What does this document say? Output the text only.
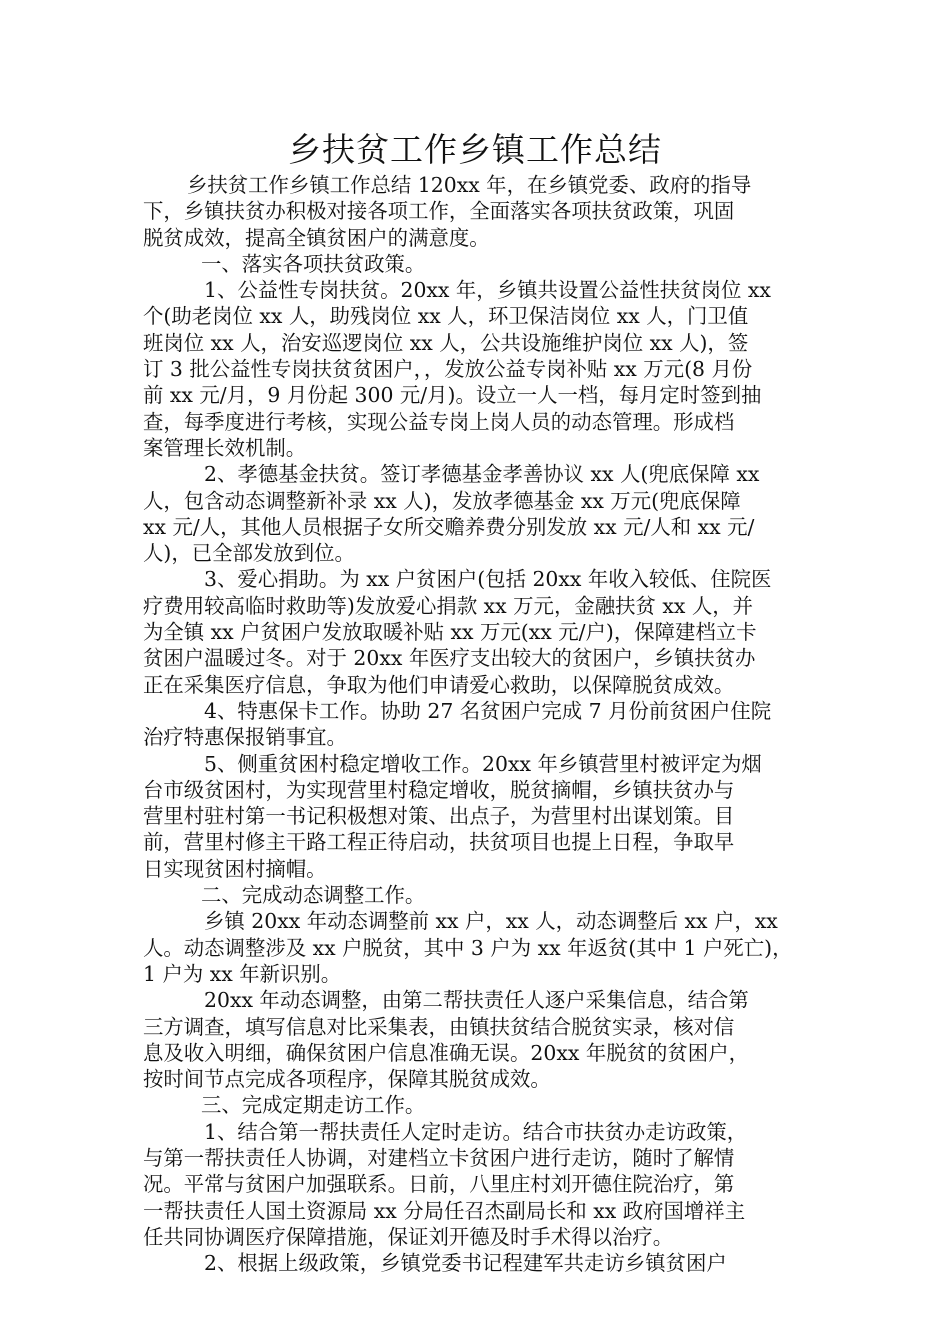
乡扶贫工作乡镇工作总结
乡扶贫工作乡镇工作总结 120xx 年，在乡镇党委、政府的指导
下，乡镇扶贫办积极对接各项工作，全面落实各项扶贫政策，巩固
脱贫成效，提高全镇贫困户的满意度。
一、落实各项扶贫政策。
1、公益性专岗扶贫。20xx 年，乡镇共设置公益性扶贫岗位 xx
个(助老岗位 xx 人，助残岗位 xx 人，环卫保洁岗位 xx 人，门卫值
班岗位 xx 人，治安巡逻岗位 xx 人，公共设施维护岗位 xx 人)，签
订 3 批公益性专岗扶贫贫困户，，发放公益专岗补贴 xx 万元(8 月份
前 xx 元/月，9 月份起 300 元/月)。设立一人一档，每月定时签到抽
查，每季度进行考核，实现公益专岗上岗人员的动态管理。形成档
案管理长效机制。
2、孝德基金扶贫。签订孝德基金孝善协议 xx 人(兜底保障 xx
人，包含动态调整新补录 xx 人)，发放孝德基金 xx 万元(兜底保障
xx 元/人，其他人员根据子女所交赡养费分别发放 xx 元/人和 xx 元/
人)，已全部发放到位。
3、爱心捐助。为 xx 户贫困户(包括 20xx 年收入较低、住院医
疗费用较高临时救助等)发放爱心捐款 xx 万元，金融扶贫 xx 人，并
为全镇 xx 户贫困户发放取暖补贴 xx 万元(xx 元/户)，保障建档立卡
贫困户温暖过冬。对于 20xx 年医疗支出较大的贫困户，乡镇扶贫办
正在采集医疗信息，争取为他们申请爱心救助，以保障脱贫成效。
4、特惠保卡工作。协助 27 名贫困户完成 7 月份前贫困户住院
治疗特惠保报销事宜。
5、侧重贫困村稳定增收工作。20xx 年乡镇营里村被评定为烟
台市级贫困村，为实现营里村稳定增收，脱贫摘帽，乡镇扶贫办与
营里村驻村第一书记积极想对策、出点子，为营里村出谋划策。目
前，营里村修主干路工程正待启动，扶贫项目也提上日程，争取早
日实现贫困村摘帽。
二、完成动态调整工作。
乡镇 20xx 年动态调整前 xx 户，xx 人，动态调整后 xx 户，xx
人。动态调整涉及 xx 户脱贫，其中 3 户为 xx 年返贫(其中 1 户死亡)，
1 户为 xx 年新识别。
20xx 年动态调整，由第二帮扶责任人逐户采集信息，结合第
三方调查，填写信息对比采集表，由镇扶贫结合脱贫实录，核对信
息及收入明细，确保贫困户信息准确无误。20xx 年脱贫的贫困户，
按时间节点完成各项程序，保障其脱贫成效。
三、完成定期走访工作。
1、结合第一帮扶责任人定时走访。结合市扶贫办走访政策，
与第一帮扶责任人协调，对建档立卡贫困户进行走访，随时了解情
况。平常与贫困户加强联系。日前，八里庄村刘开德住院治疗，第
一帮扶责任人国土资源局 xx 分局任召杰副局长和 xx 政府国增祥主
任共同协调医疗保障措施，保证刘开德及时手术得以治疗。
2、根据上级政策，乡镇党委书记程建军共走访乡镇贫困户
